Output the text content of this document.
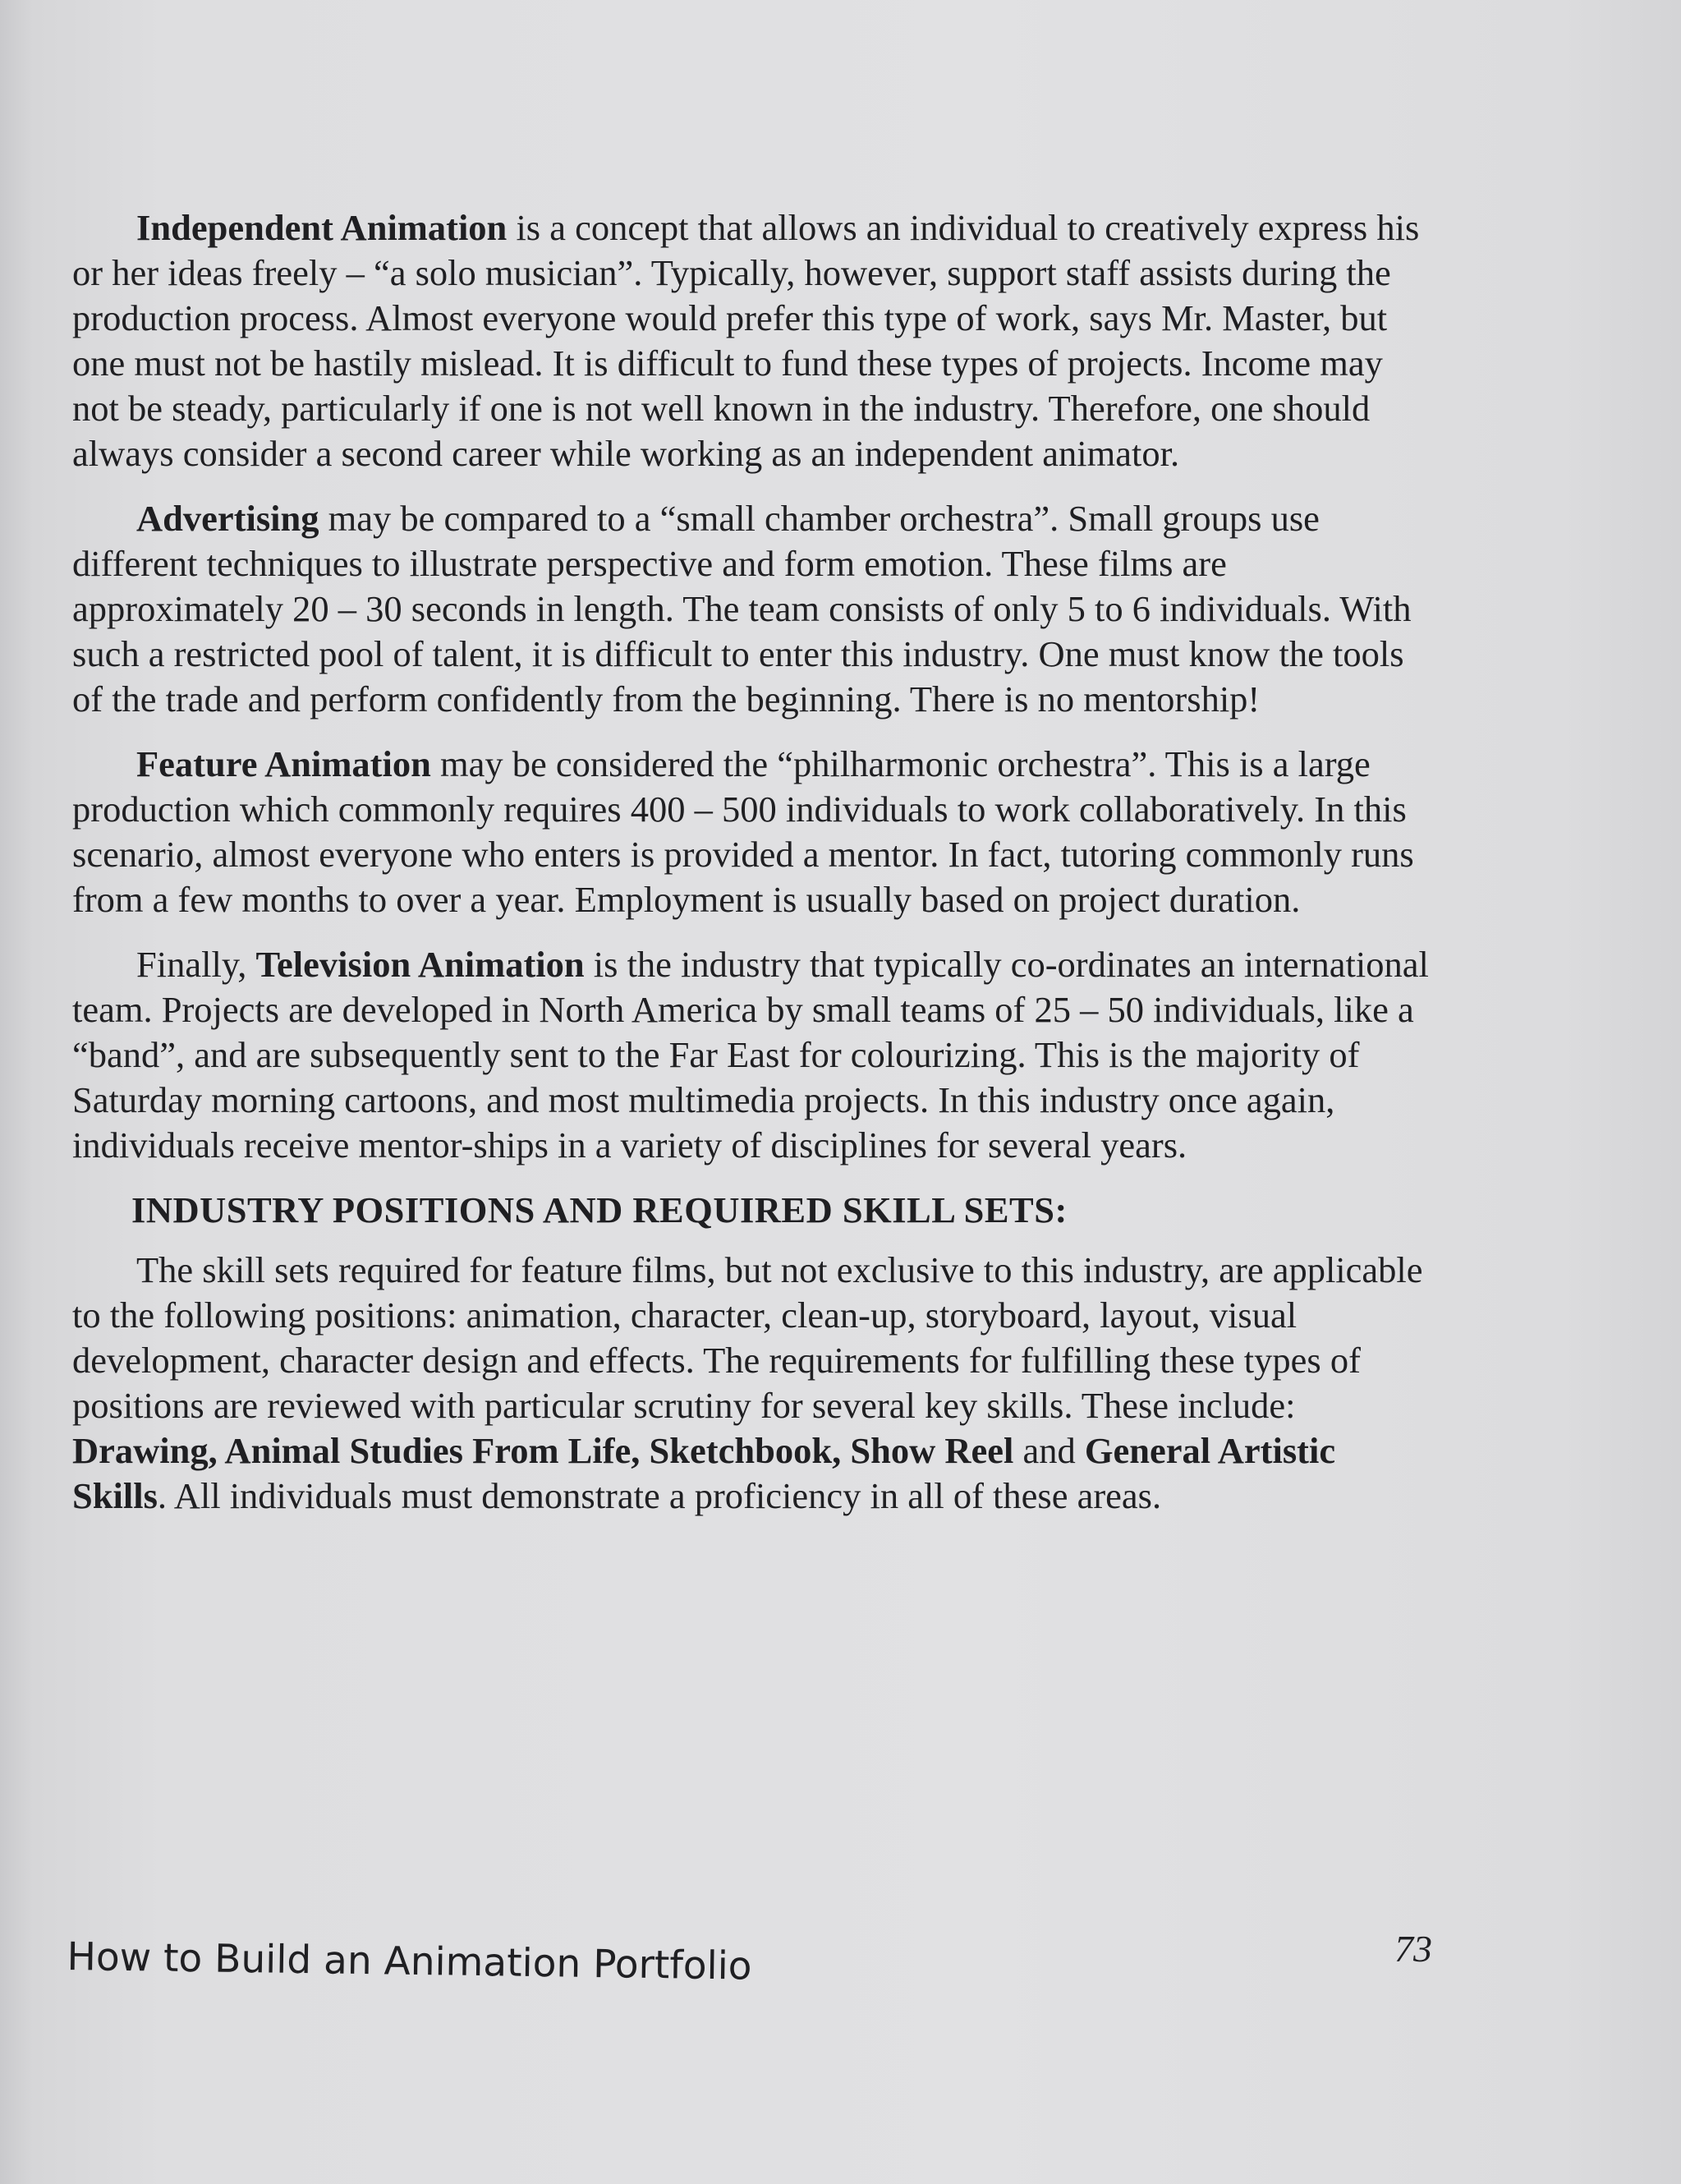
Independent Animation is a concept that allows an individual to creatively express his or her ideas freely – “a solo musician”. Typically, however, support staff assists during the production process. Almost everyone would prefer this type of work, says Mr. Master, but one must not be hastily mislead. It is difficult to fund these types of projects. Income may not be steady, particularly if one is not well known in the industry. Therefore, one should always consider a second career while working as an independent animator.

Advertising may be compared to a “small chamber orchestra”. Small groups use different techniques to illustrate perspective and form emotion. These films are approximately 20 – 30 seconds in length. The team consists of only 5 to 6 individuals. With such a restricted pool of talent, it is difficult to enter this industry. One must know the tools of the trade and perform confidently from the beginning. There is no mentorship!

Feature Animation may be considered the “philharmonic orchestra”. This is a large production which commonly requires 400 – 500 individuals to work collaboratively. In this scenario, almost everyone who enters is provided a mentor. In fact, tutoring commonly runs from a few months to over a year. Employment is usually based on project duration.

Finally, Television Animation is the industry that typically co-ordinates an international team. Projects are developed in North America by small teams of 25 – 50 individuals, like a “band”, and are subsequently sent to the Far East for colourizing. This is the majority of Saturday morning cartoons, and most multimedia projects. In this industry once again, individuals receive mentor-ships in a variety of disciplines for several years.

INDUSTRY POSITIONS AND REQUIRED SKILL SETS:

The skill sets required for feature films, but not exclusive to this industry, are applicable to the following positions: animation, character, clean-up, storyboard, layout, visual development, character design and effects. The requirements for fulfilling these types of positions are reviewed with particular scrutiny for several key skills. These include: Drawing, Animal Studies From Life, Sketchbook, Show Reel and General Artistic Skills. All individuals must demonstrate a proficiency in all of these areas.

How to Build an Animation Portfolio	73
